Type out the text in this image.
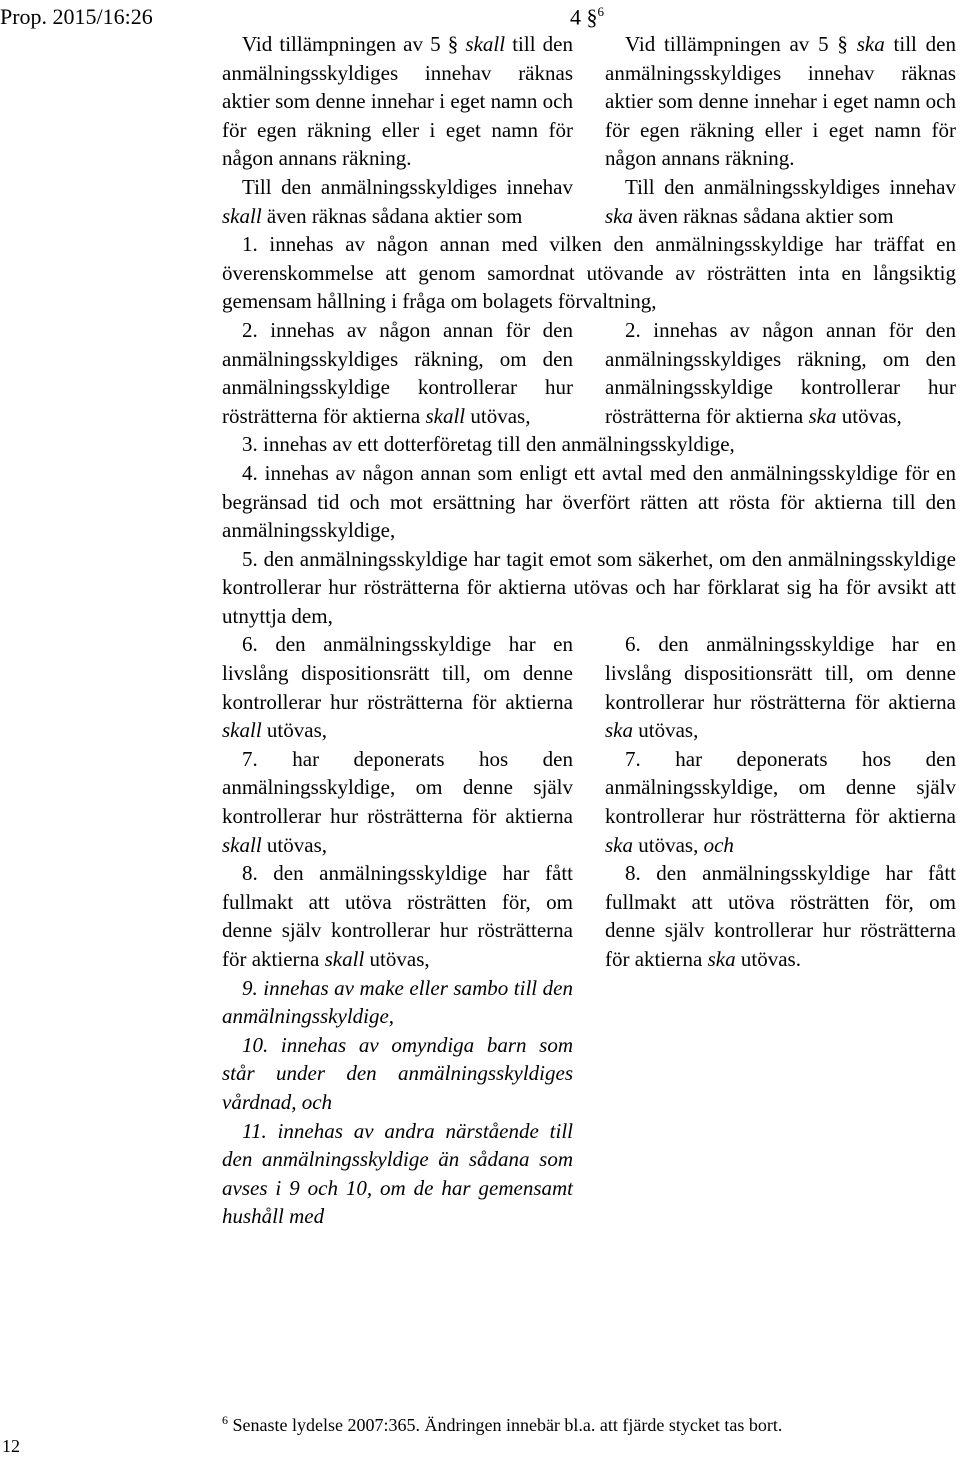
Prop. 2015/16:26	4 §$^6$

Vid tillämpningen av 5 § skall till den anmälningsskyldiges innehav räknas aktier som denne innehar i eget namn och för egen räkning eller i eget namn för någon annans räkning.

Till den anmälningsskyldiges innehav skall även räknas sådana aktier som

Vid tillämpningen av 5 § ska till den anmälningsskyldiges innehav räknas aktier som denne innehar i eget namn och för egen räkning eller i eget namn för någon annans räkning.

Till den anmälningsskyldiges innehav ska även räknas sådana aktier som

1. innehas av någon annan med vilken den anmälningsskyldige har träffat en överenskommelse att genom samordnat utövande av rösträtten inta en långsiktig gemensam hållning i fråga om bolagets förvaltning,

2. innehas av någon annan för den anmälningsskyldiges räkning, om den anmälningsskyldige kontrollerar hur rösträtterna för aktierna skall utövas,

2. innehas av någon annan för den anmälningsskyldiges räkning, om den anmälningsskyldige kontrollerar hur rösträtterna för aktierna ska utövas,

3. innehas av ett dotterföretag till den anmälningsskyldige,

4. innehas av någon annan som enligt ett avtal med den anmälningsskyldige för en begränsad tid och mot ersättning har överfört rätten att rösta för aktierna till den anmälningsskyldige,

5. den anmälningsskyldige har tagit emot som säkerhet, om den anmälningsskyldige kontrollerar hur rösträtterna för aktierna utövas och har förklarat sig ha för avsikt att utnyttja dem,

6. den anmälningsskyldige har en livslång dispositionsrätt till, om denne kontrollerar hur rösträtterna för aktierna skall utövas,

7. har deponerats hos den anmälningsskyldige, om denne själv kontrollerar hur rösträtterna för aktierna skall utövas,

8. den anmälningsskyldige har fått fullmakt att utöva rösträtten för, om denne själv kontrollerar hur rösträtterna för aktierna skall utövas,

9. innehas av make eller sambo till den anmälningsskyldige,

10. innehas av omyndiga barn som står under den anmälningsskyldiges vårdnad, och

11. innehas av andra närstående till den anmälningsskyldige än sådana som avses i 9 och 10, om de har gemensamt hushåll med

6. den anmälningsskyldige har en livslång dispositionsrätt till, om denne kontrollerar hur rösträtterna för aktierna ska utövas,

7. har deponerats hos den anmälningsskyldige, om denne själv kontrollerar hur rösträtterna för aktierna ska utövas, och

8. den anmälningsskyldige har fått fullmakt att utöva rösträtten för, om denne själv kontrollerar hur rösträtterna för aktierna ska utövas.

$^6$ Senaste lydelse 2007:365. Ändringen innebär bl.a. att fjärde stycket tas bort.
12
